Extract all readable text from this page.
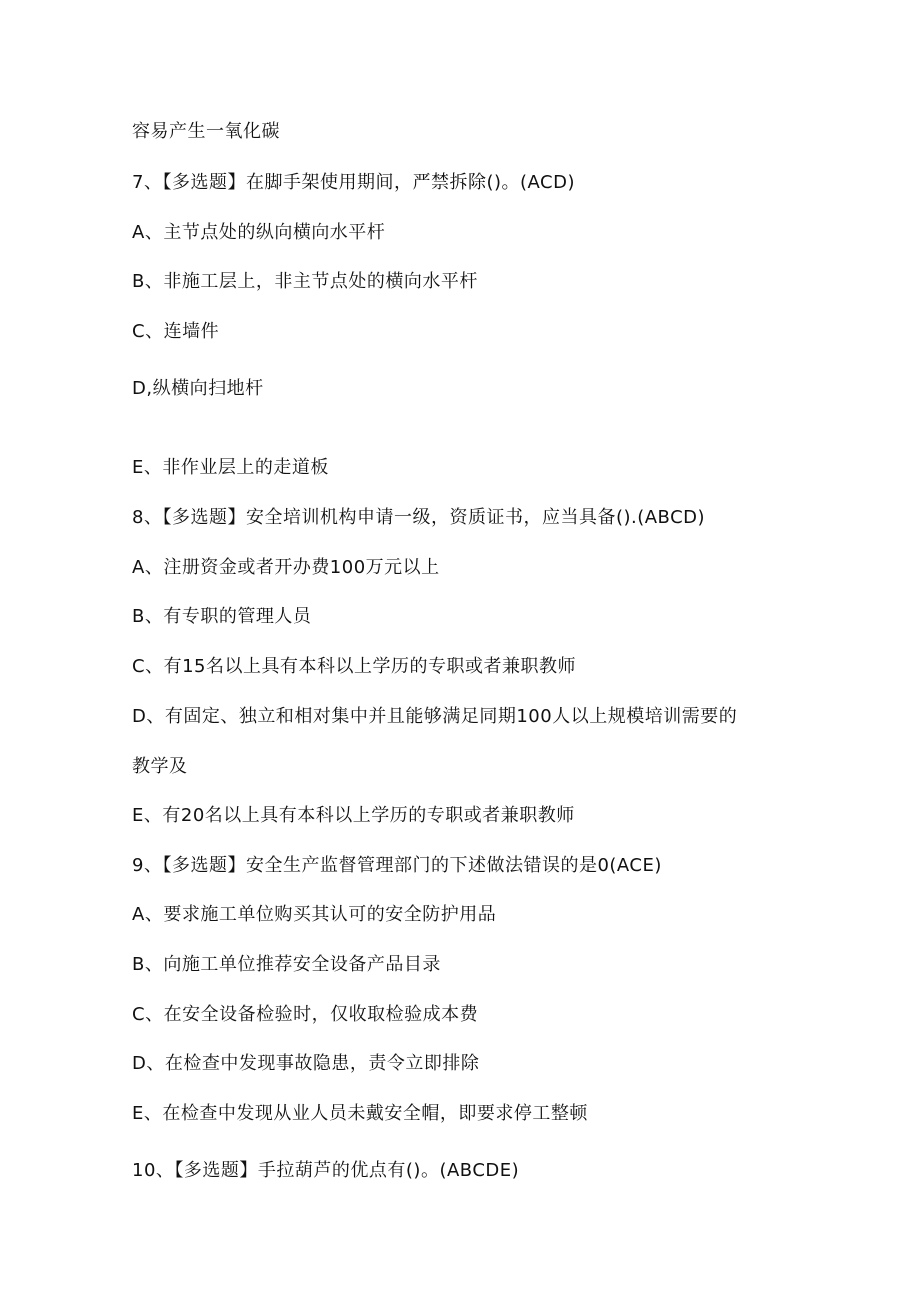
容易产生一氧化碳
7、【多选题】在脚手架使用期间，严禁拆除()。(ACD)
A、主节点处的纵向横向水平杆
B、非施工层上，非主节点处的横向水平杆
C、连墙件
D,纵横向扫地杆
E、非作业层上的走道板
8、【多选题】安全培训机构申请一级，资质证书，应当具备().(ABCD)
A、注册资金或者开办费100万元以上
B、有专职的管理人员
C、有15名以上具有本科以上学历的专职或者兼职教师
D、有固定、独立和相对集中并且能够满足同期100人以上规模培训需要的
教学及
E、有20名以上具有本科以上学历的专职或者兼职教师
9、【多选题】安全生产监督管理部门的下述做法错误的是0(ACE)
A、要求施工单位购买其认可的安全防护用品
B、向施工单位推荐安全设备产品目录
C、在安全设备检验时，仅收取检验成本费
D、在检查中发现事故隐患，责令立即排除
E、在检查中发现从业人员未戴安全帽，即要求停工整顿
10、【多选题】手拉葫芦的优点有()。(ABCDE)
